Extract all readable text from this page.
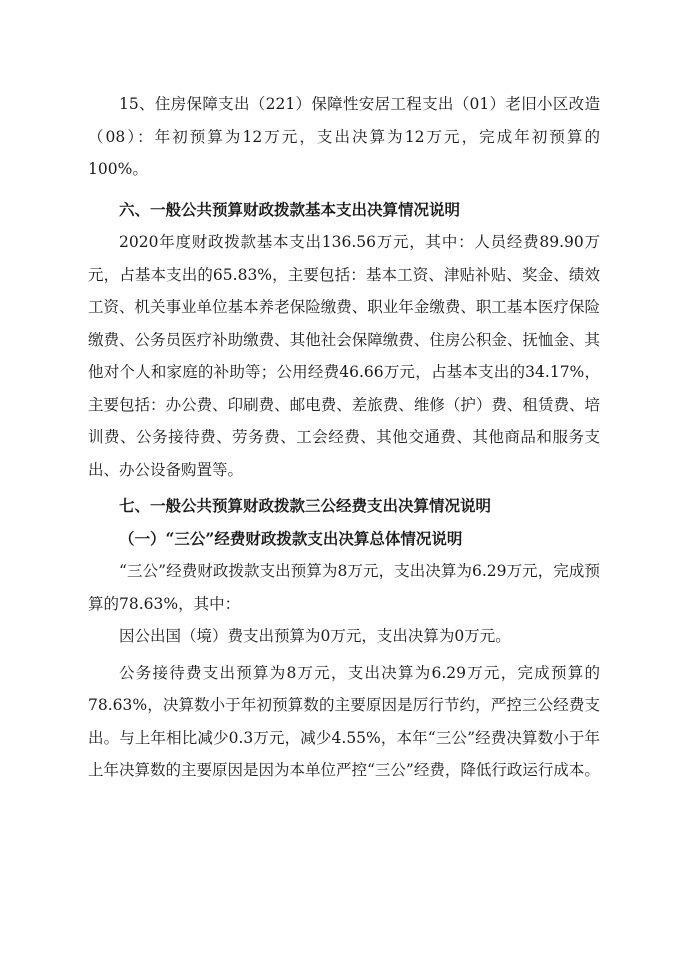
15、住房保障支出（221）保障性安居工程支出（01）老旧小区改造（08）：年初预算为12万元，支出决算为12万元，完成年初预算的100%。

六、一般公共预算财政拨款基本支出决算情况说明

2020年度财政拨款基本支出136.56万元，其中：人员经费89.90万元，占基本支出的65.83%，主要包括：基本工资、津贴补贴、奖金、绩效工资、机关事业单位基本养老保险缴费、职业年金缴费、职工基本医疗保险缴费、公务员医疗补助缴费、其他社会保障缴费、住房公积金、抚恤金、其他对个人和家庭的补助等；公用经费46.66万元，占基本支出的34.17%，主要包括：办公费、印刷费、邮电费、差旅费、维修（护）费、租赁费、培训费、公务接待费、劳务费、工会经费、其他交通费、其他商品和服务支出、办公设备购置等。

七、一般公共预算财政拨款三公经费支出决算情况说明

（一）“三公”经费财政拨款支出决算总体情况说明

“三公”经费财政拨款支出预算为8万元，支出决算为6.29万元，完成预算的78.63%，其中：

因公出国（境）费支出预算为0万元，支出决算为0万元。

公务接待费支出预算为8万元，支出决算为6.29万元，完成预算的78.63%，决算数小于年初预算数的主要原因是厉行节约，严控三公经费支出。与上年相比减少0.3万元，减少4.55%，本年“三公”经费决算数小于年上年决算数的主要原因是因为本单位严控“三公”经费，降低行政运行成本。
